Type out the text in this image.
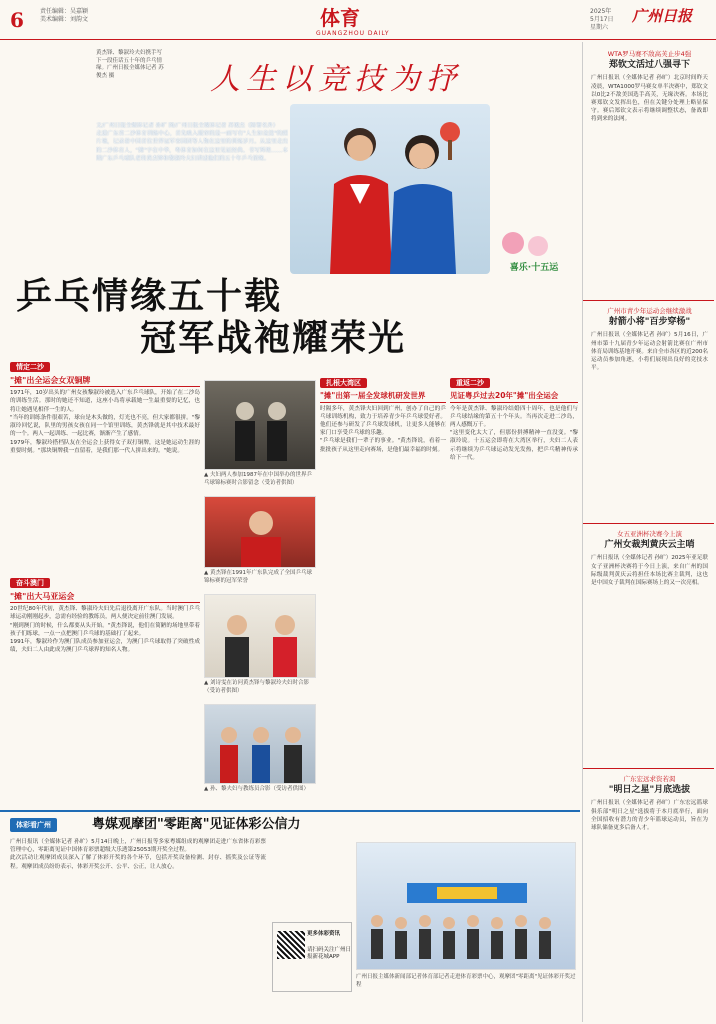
6	责任编辑：吴嘉颖
美术编辑：刘韵文	体育
GUANGZHOU DAILY
2025年
5月17日
星期六
广州日报
人生以竞技为抒
黄杰锋、黎淑玲夫妇携手写下一段佳话五十年的乒乓情缘。广州日报全媒体记者 苏俊杰 摄
文/广州日报全媒体记者 孙旷 图/广州日报全媒体记者 苏俊杰（除署名外）
走进广东省二沙体育训练中心，首先映入眼帘的是一面写有"人生如竞技"的照片墙，记录着中国首位世界冠军容国团等人物在这里的训练岁月。从这里走出的二沙体育人，"摊"字在中华，粤体育如何在这里见证经典、书写辉煌……本期广东乒乓球队老将黄杰锋和黎淑玲夫妇讲述他们的五十年乒乓情缘。
喜乐·十五运
乒乓情缘五十载
冠军战袍耀荣光
情定二沙
"摊"出全运会女双铜牌
1971年，10岁出头的广州女孩黎淑玲被选入广东乒乓球队，开始了在二沙岛的训练生活。那时的她还不知道，这座小岛将承载她一生最重要的记忆，也将让她遇见相伴一生的人。
"当年的训练条件很艰苦，球台是木头做的，灯光也不亮，但大家都很拼。"黎淑玲回忆说，队里的男孩女孩在同一个馆里训练，黄杰锋就是其中技术最好的一个。两人一起训练、一起比赛，渐渐产生了感情。
1979年，黎淑玲搭档队友在全运会上获得女子双打铜牌，这是她运动生涯的重要时刻。"那块铜牌我一直留着，是我们那一代人拼出来的。"她说。
奋斗澳门
"摊"出大马亚运会
20世纪80年代初，黄杰锋、黎淑玲夫妇先后退役离开广东队。当时澳门乒乓球运动刚刚起步，急需有经验的教练员，两人便决定前往澳门发展。
"刚到澳门的时候，什么都要从头开始。"黄杰锋说，他们在简陋的场地里带着孩子们练球，一点一点把澳门乒乓球的基础打了起来。
1991年，黎淑玲作为澳门队成员参加亚运会，为澳门乒乓球取得了突破性成绩，夫妇二人由此成为澳门乒乓球界的知名人物。
▲ 夫妇两人参加1987年在中国举办的世界乒乓球锦标赛时合影留念（受访者供图）
▲ 黄杰锋在1991年广东队完成了全国乒乓球锦标赛的冠军荣誉
▲ 刘诗雯在访问黄杰锋与黎淑玲夫妇时合影（受访者供图）
▲ 孙、黎夫妇与教练员合影（受访者供图）
扎根大湾区
"摊"出第一届全发球机研发世界
时隔多年，黄杰锋夫妇回到广州，创办了自己的乒乓球训练机构，致力于培养青少年乒乓球爱好者。他们还参与研发了乒乓球发球机，让更多人能够在家门口享受乒乓球的乐趣。
"乒乓球是我们一辈子的事业。"黄杰锋说，看着一批批孩子从这里走向赛场，是他们最幸福的时刻。
重返二沙
见证粤乒过去20年"摊"出全运会
今年是黄杰锋、黎淑玲结婚四十周年，也是他们与乒乓球结缘的第五十个年头。当再次走进二沙岛，两人感慨万千。
"这里变化太大了，但那份拼搏精神一直没变。"黎淑玲说。十五运会即将在大湾区举行，夫妇二人表示将继续为乒乓球运动发光发热，把乒乓精神传承给下一代。
体彩看广州	粤媒观摩团"零距离"见证体彩公信力
广州日报讯（全媒体记者 孙旷）5月14日晚上，广州日报等多家粤媒组成的观摩团走进广东省体育彩票管理中心，零距离见证中国体育彩票超级大乐透第25053期开奖全过程。
此次活动让观摩团成员深入了解了体彩开奖的各个环节，包括开奖设备检测、封存、摇奖及公证等流程。观摩团成员纷纷表示，体彩开奖公开、公平、公正，让人放心。
更多体彩资讯
请扫码关注广州日报新花城APP
广州日报主媒体新闻部记者体育部记者走进体育彩票中心，观摩团"零距离"见证体彩开奖过程
WTA罗马赛不敌高芙止步4强
郑钦文活过八强寻下
广州日报讯（全媒体记者 孙旷）北京时间昨天凌晨，WTA1000罗马赛女单半决赛中，郑钦文以0比2不敌美国选手高芙，无缘决赛。本场比赛郑钦文发挥出色，但在关键分处理上略显保守。赛后郑钦文表示将继续调整状态，备战即将到来的法网。
广州市青少年运动会继续激战
射箭小将"百步穿杨"
广州日报讯（全媒体记者 孙旷）5月16日，广州市第十九届青少年运动会射箭比赛在广州市体育局训练基地开赛。来自全市各区的近200名运动员参加角逐，小将们展现出良好的竞技水平。
女五亚洲杯决赛今上演
广州女裁判黄庆云主哨
广州日报讯（全媒体记者 孙旷）2025年亚足联女子亚洲杯决赛将于今日上演，来自广州的国际级裁判黄庆云将担任本场比赛主裁判，这也是中国女子裁判在国际赛场上的又一次亮相。
广东宏远求资若渴
"明日之星"月底选拔
广州日报讯（全媒体记者 孙旷）广东宏远篮球俱乐部"明日之星"选拔将于本月底举行，面向全国招收有潜力的青少年篮球运动员，旨在为球队储备更多后备人才。
